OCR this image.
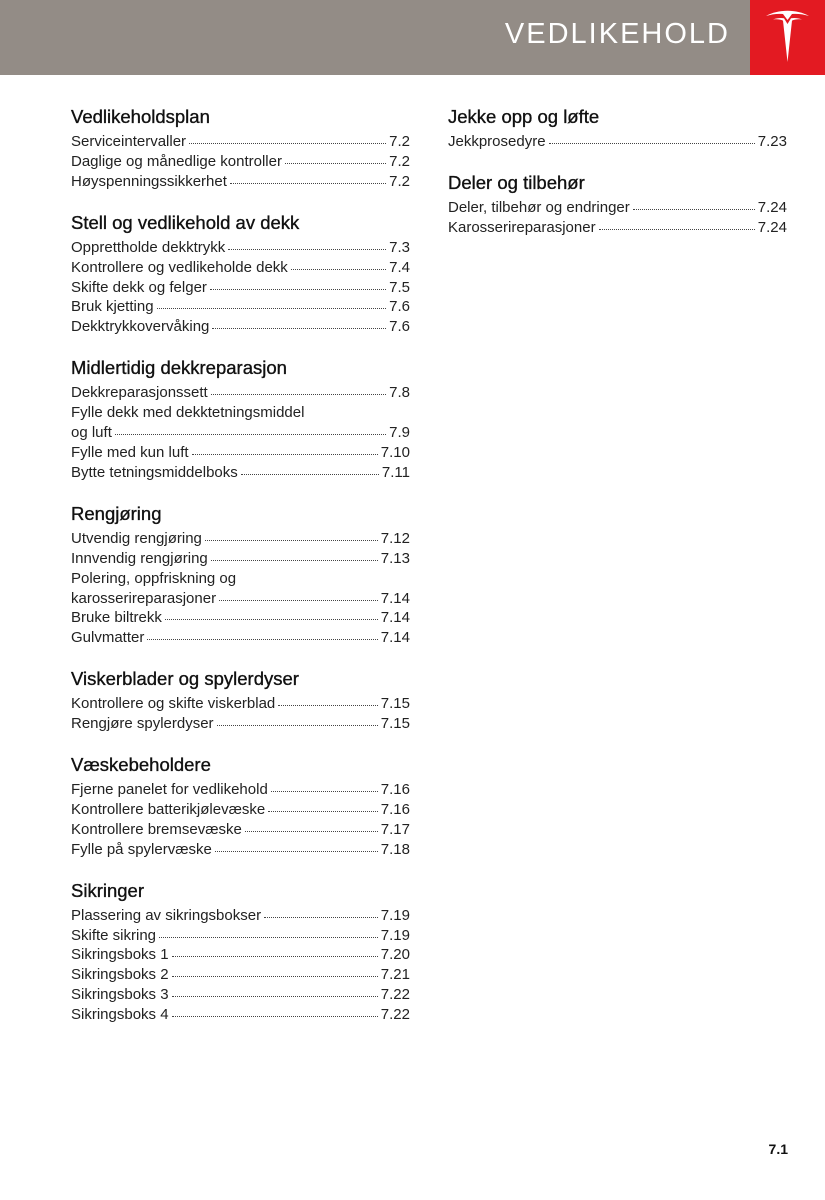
VEDLIKEHOLD
Vedlikeholdsplan
Serviceintervaller	7.2
Daglige og månedlige kontroller	7.2
Høyspenningssikkerhet	7.2
Stell og vedlikehold av dekk
Opprettholde dekktrykk	7.3
Kontrollere og vedlikeholde dekk	7.4
Skifte dekk og felger	7.5
Bruk kjetting	7.6
Dekktrykkovervåking	7.6
Midlertidig dekkreparasjon
Dekkreparasjonssett	7.8
Fylle dekk med dekktetningsmiddel
og luft	7.9
Fylle med kun luft	7.10
Bytte tetningsmiddelboks	7.11
Rengjøring
Utvendig rengjøring	7.12
Innvendig rengjøring	7.13
Polering, oppfriskning og
karosserireparasjoner	7.14
Bruke biltrekk	7.14
Gulvmatter	7.14
Viskerblader og spylerdyser
Kontrollere og skifte viskerblad	7.15
Rengjøre spylerdyser	7.15
Væskebeholdere
Fjerne panelet for vedlikehold	7.16
Kontrollere batterikjølevæske	7.16
Kontrollere bremsevæske	7.17
Fylle på spylervæske	7.18
Sikringer
Plassering av sikringsbokser	7.19
Skifte sikring	7.19
Sikringsboks 1	7.20
Sikringsboks 2	7.21
Sikringsboks 3	7.22
Sikringsboks 4	7.22
Jekke opp og løfte
Jekkprosedyre	7.23
Deler og tilbehør
Deler, tilbehør og endringer	7.24
Karosserireparasjoner	7.24
7.1
